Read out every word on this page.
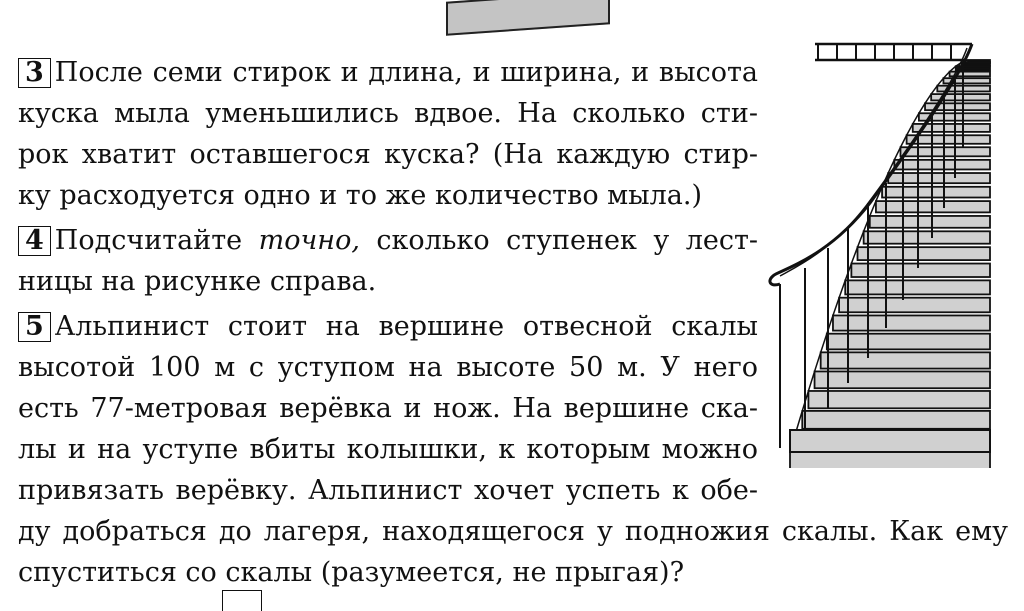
3 После семи стирок и длина, и ширина, и высота
куска мыла уменьшились вдвое. На сколько сти-
рок хватит оставшегося куска? (На каждую стир-
ку расходуется одно и то же количество мыла.)
4 Подсчитайте точно, сколько ступенек у лест-
ницы на рисунке справа.
5 Альпинист стоит на вершине отвесной скалы
высотой 100 м с уступом на высоте 50 м. У него
есть 77-метровая верёвка и нож. На вершине ска-
лы и на уступе вбиты колышки, к которым можно
привязать верёвку. Альпинист хочет успеть к обе-
ду добраться до лагеря, находящегося у подножия скалы. Как ему
спуститься со скалы (разумеется, не прыгая)?
